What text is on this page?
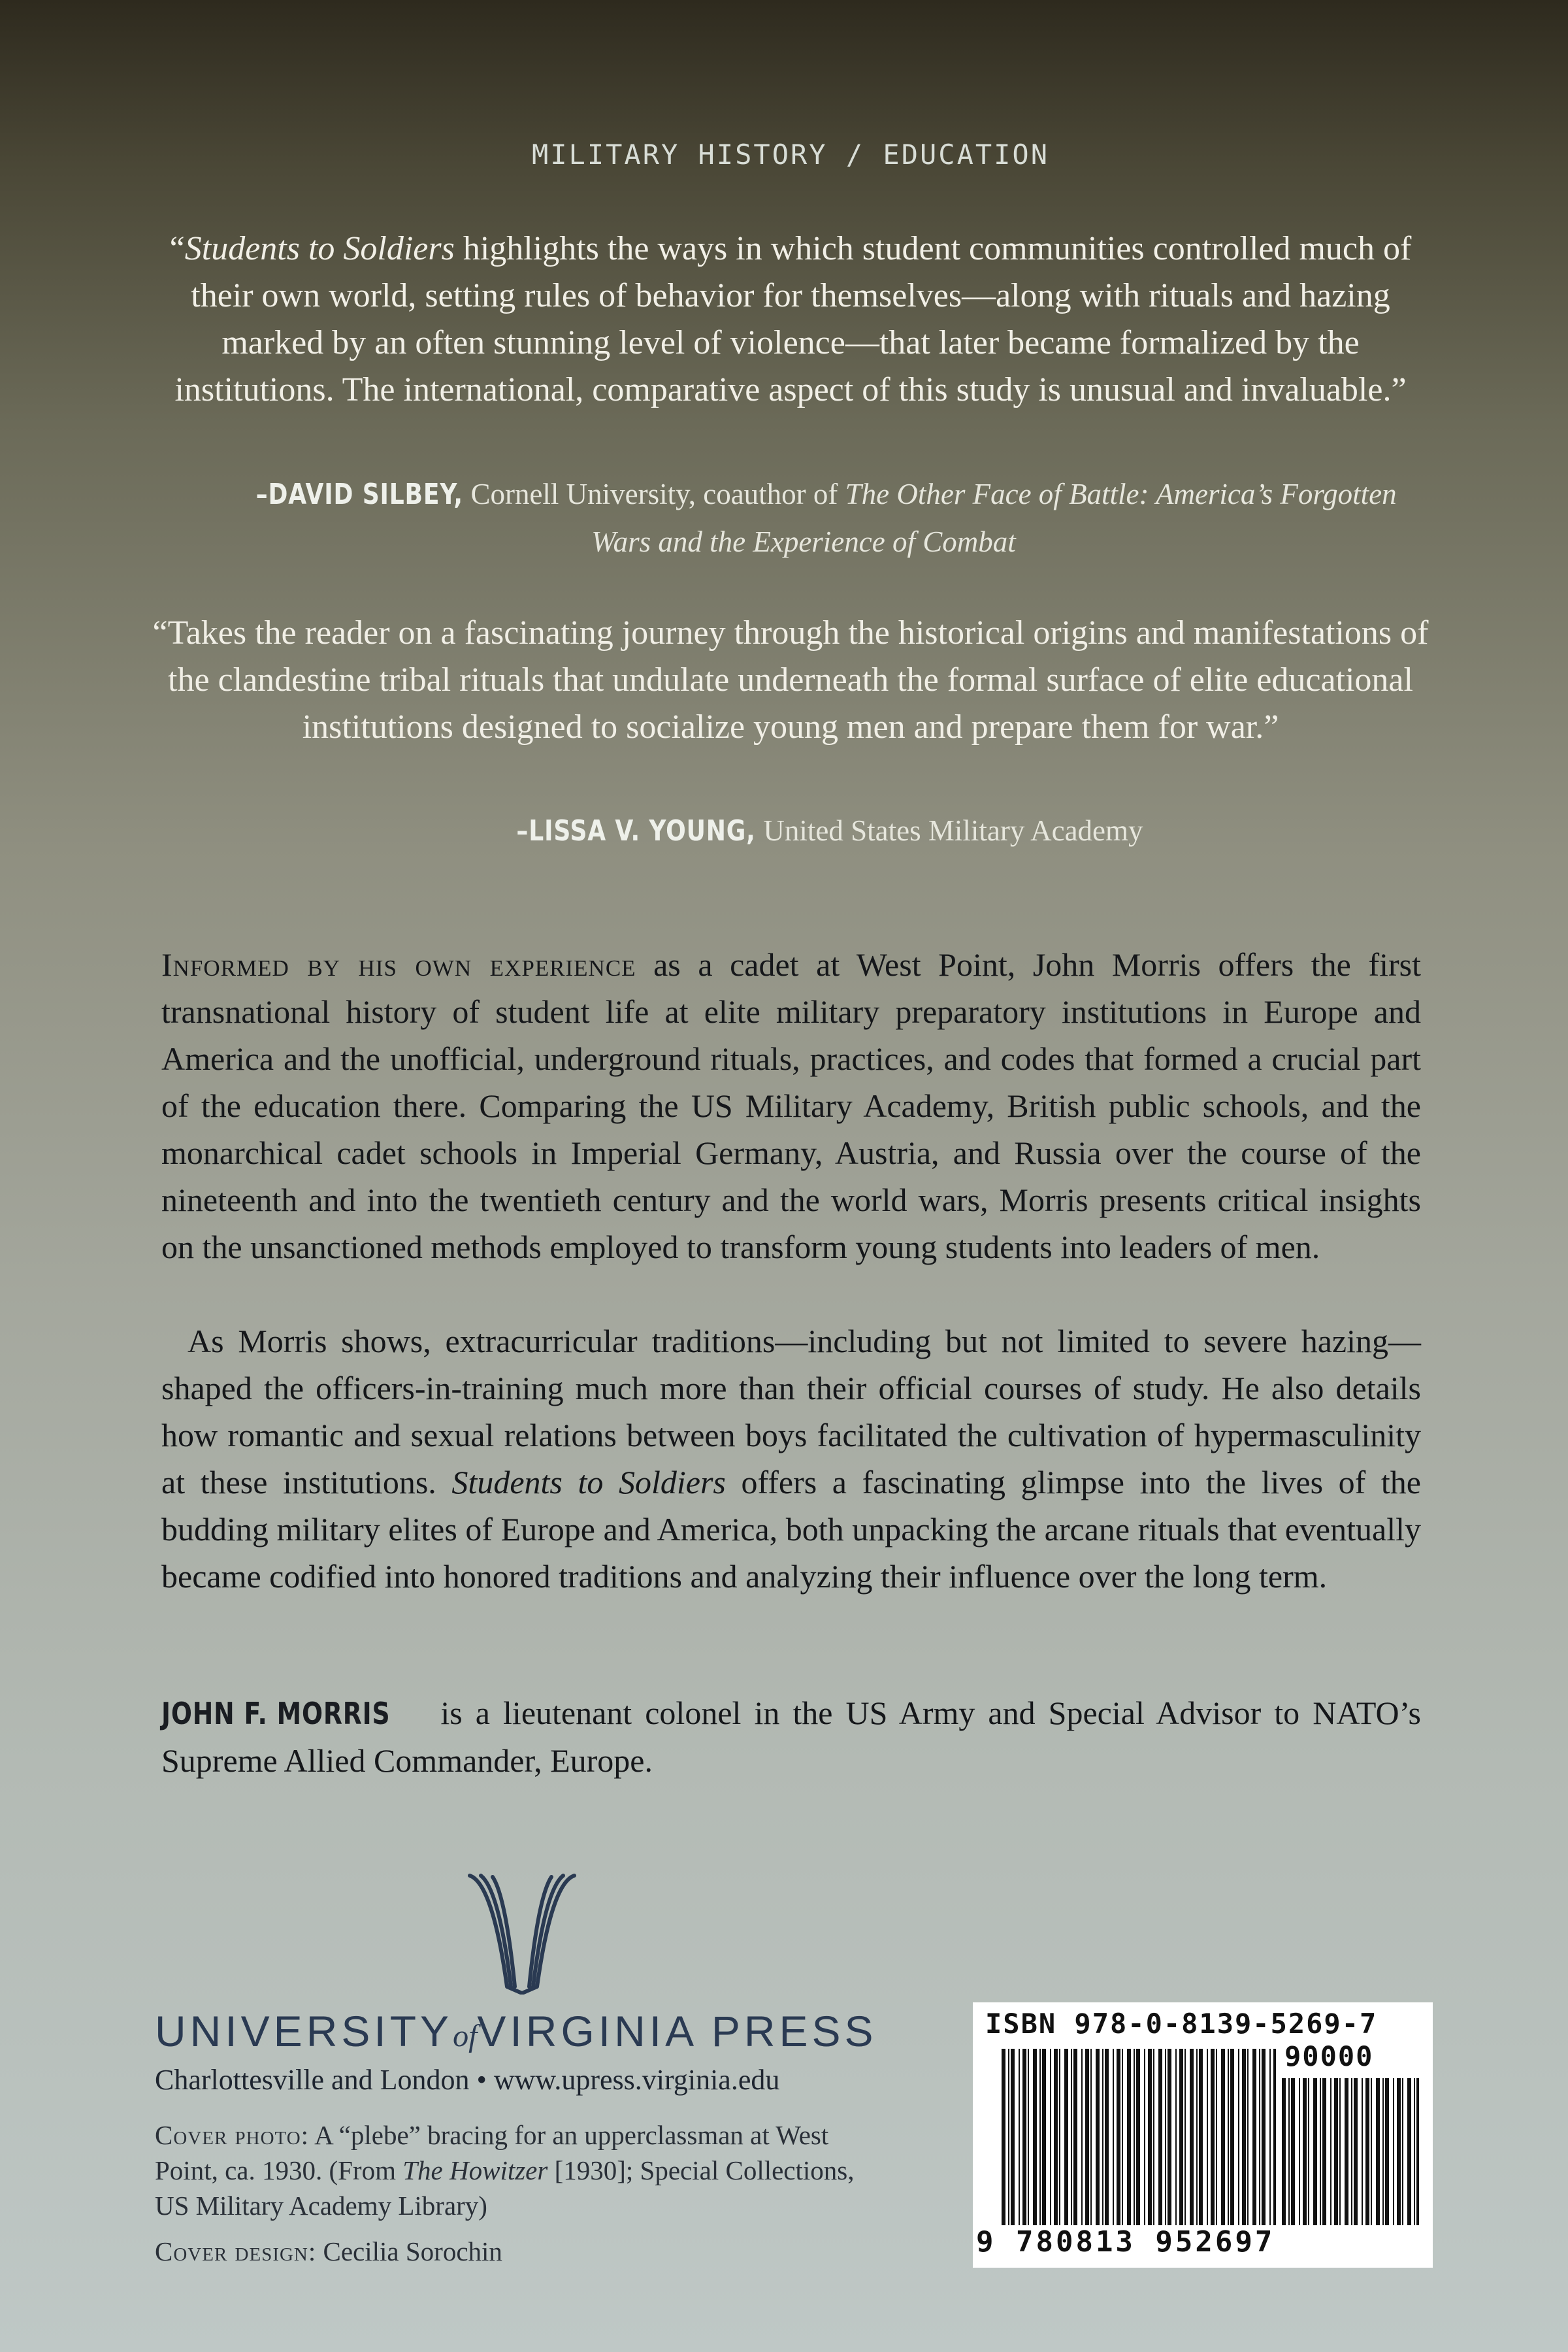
MILITARY HISTORY / EDUCATION
“Students to Soldiers highlights the ways in which student communities controlled much of their own world, setting rules of behavior for themselves—along with rituals and hazing marked by an often stunning level of violence—that later became formalized by the institutions. The international, comparative aspect of this study is unusual and invaluable.”
–DAVID SILBEY, Cornell University, coauthor of The Other Face of Battle: America’s Forgotten Wars and the Experience of Combat
“Takes the reader on a fascinating journey through the historical origins and manifestations of the clandestine tribal rituals that undulate underneath the formal surface of elite educational institutions designed to socialize young men and prepare them for war.”
–LISSA V. YOUNG, United States Military Academy
Informed by his own experience as a cadet at West Point, John Morris offers the first transnational history of student life at elite military preparatory institutions in Europe and America and the unofficial, underground rituals, practices, and codes that formed a crucial part of the education there. Comparing the US Military Academy, British public schools, and the monarchical cadet schools in Imperial Germany, Austria, and Russia over the course of the nineteenth and into the twentieth century and the world wars, Morris presents critical insights on the unsanctioned methods employed to transform young students into leaders of men.
As Morris shows, extracurricular traditions—including but not limited to severe hazing—shaped the officers-in-training much more than their official courses of study. He also details how romantic and sexual relations between boys facilitated the cultivation of hypermasculinity at these institutions. Students to Soldiers offers a fascinating glimpse into the lives of the budding military elites of Europe and America, both unpacking the arcane rituals that eventually became codified into honored traditions and analyzing their influence over the long term.
JOHN F. MORRIS is a lieutenant colonel in the US Army and Special Advisor to NATO’s Supreme Allied Commander, Europe.
UNIVERSITYofVIRGINIA PRESS
Charlottesville and London • www.upress.virginia.edu
Cover photo: A “plebe” bracing for an upperclassman at West Point, ca. 1930. (From The Howitzer [1930]; Special Collections, US Military Academy Library)
Cover design: Cecilia Sorochin
ISBN 978-0-8139-5269-7
90000
9 780813 952697
